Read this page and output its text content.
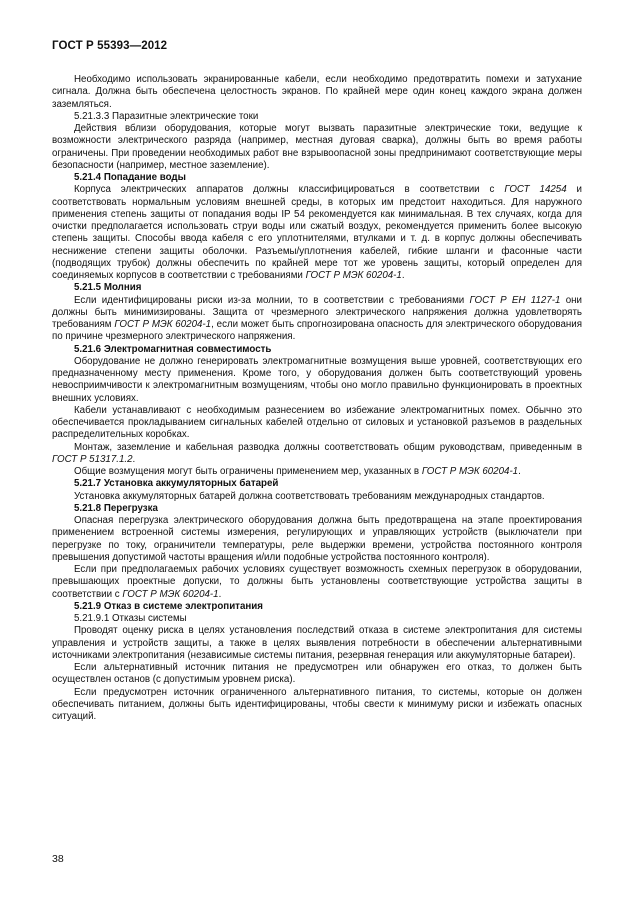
ГОСТ Р 55393—2012
Необходимо использовать экранированные кабели, если необходимо предотвратить помехи и затухание сигнала. Должна быть обеспечена целостность экранов. По крайней мере один конец каждого экрана должен заземляться.
5.21.3.3 Паразитные электрические токи
Действия вблизи оборудования, которые могут вызвать паразитные электрические токи, ведущие к возможности электрического разряда (например, местная дуговая сварка), должны быть во время работы ограничены. При проведении необходимых работ вне взрывоопасной зоны предпринимают соответствующие меры безопасности (например, местное заземление).
5.21.4 Попадание воды
Корпуса электрических аппаратов должны классифицироваться в соответствии с ГОСТ 14254 и соответствовать нормальным условиям внешней среды, в которых им предстоит находиться. Для наружного применения степень защиты от попадания воды IP 54 рекомендуется как минимальная. В тех случаях, когда для очистки предполагается использовать струи воды или сжатый воздух, рекомендуется применить более высокую степень защиты. Способы ввода кабеля с его уплотнителями, втулками и т. д. в корпус должны обеспечивать неснижение степени защиты оболочки. Разъемы/уплотнения кабелей, гибкие шланги и фасонные части (подводящих трубок) должны обеспечить по крайней мере тот же уровень защиты, который определен для соединяемых корпусов в соответствии с требованиями ГОСТ Р МЭК 60204-1.
5.21.5 Молния
Если идентифицированы риски из-за молнии, то в соответствии с требованиями ГОСТ Р ЕН 1127-1 они должны быть минимизированы. Защита от чрезмерного электрического напряжения должна удовлетворять требованиям ГОСТ Р МЭК 60204-1, если может быть спрогнозирована опасность для электрического оборудования по причине чрезмерного электрического напряжения.
5.21.6 Электромагнитная совместимость
Оборудование не должно генерировать электромагнитные возмущения выше уровней, соответствующих его предназначенному месту применения. Кроме того, у оборудования должен быть соответствующий уровень невосприимчивости к электромагнитным возмущениям, чтобы оно могло правильно функционировать в проектных внешних условиях.
Кабели устанавливают с необходимым разнесением во избежание электромагнитных помех. Обычно это обеспечивается прокладыванием сигнальных кабелей отдельно от силовых и установкой разъемов в раздельных распределительных коробках.
Монтаж, заземление и кабельная разводка должны соответствовать общим руководствам, приведенным в ГОСТ Р 51317.1.2.
Общие возмущения могут быть ограничены применением мер, указанных в ГОСТ Р МЭК 60204-1.
5.21.7 Установка аккумуляторных батарей
Установка аккумуляторных батарей должна соответствовать требованиям международных стандартов.
5.21.8 Перегрузка
Опасная перегрузка электрического оборудования должна быть предотвращена на этапе проектирования применением встроенной системы измерения, регулирующих и управляющих устройств (выключатели при перегрузке по току, ограничители температуры, реле выдержки времени, устройства постоянного контроля превышения допустимой частоты вращения и/или подобные устройства постоянного контроля).
Если при предполагаемых рабочих условиях существует возможность схемных перегрузок в оборудовании, превышающих проектные допуски, то должны быть установлены соответствующие устройства защиты в соответствии с ГОСТ Р МЭК 60204-1.
5.21.9 Отказ в системе электропитания
5.21.9.1 Отказы системы
Проводят оценку риска в целях установления последствий отказа в системе электропитания для системы управления и устройств защиты, а также в целях выявления потребности в обеспечении альтернативными источниками электропитания (независимые системы питания, резервная генерация или аккумуляторные батареи).
Если альтернативный источник питания не предусмотрен или обнаружен его отказ, то должен быть осуществлен останов (с допустимым уровнем риска).
Если предусмотрен источник ограниченного альтернативного питания, то системы, которые он должен обеспечивать питанием, должны быть идентифицированы, чтобы свести к минимуму риски и избежать опасных ситуаций.
38
